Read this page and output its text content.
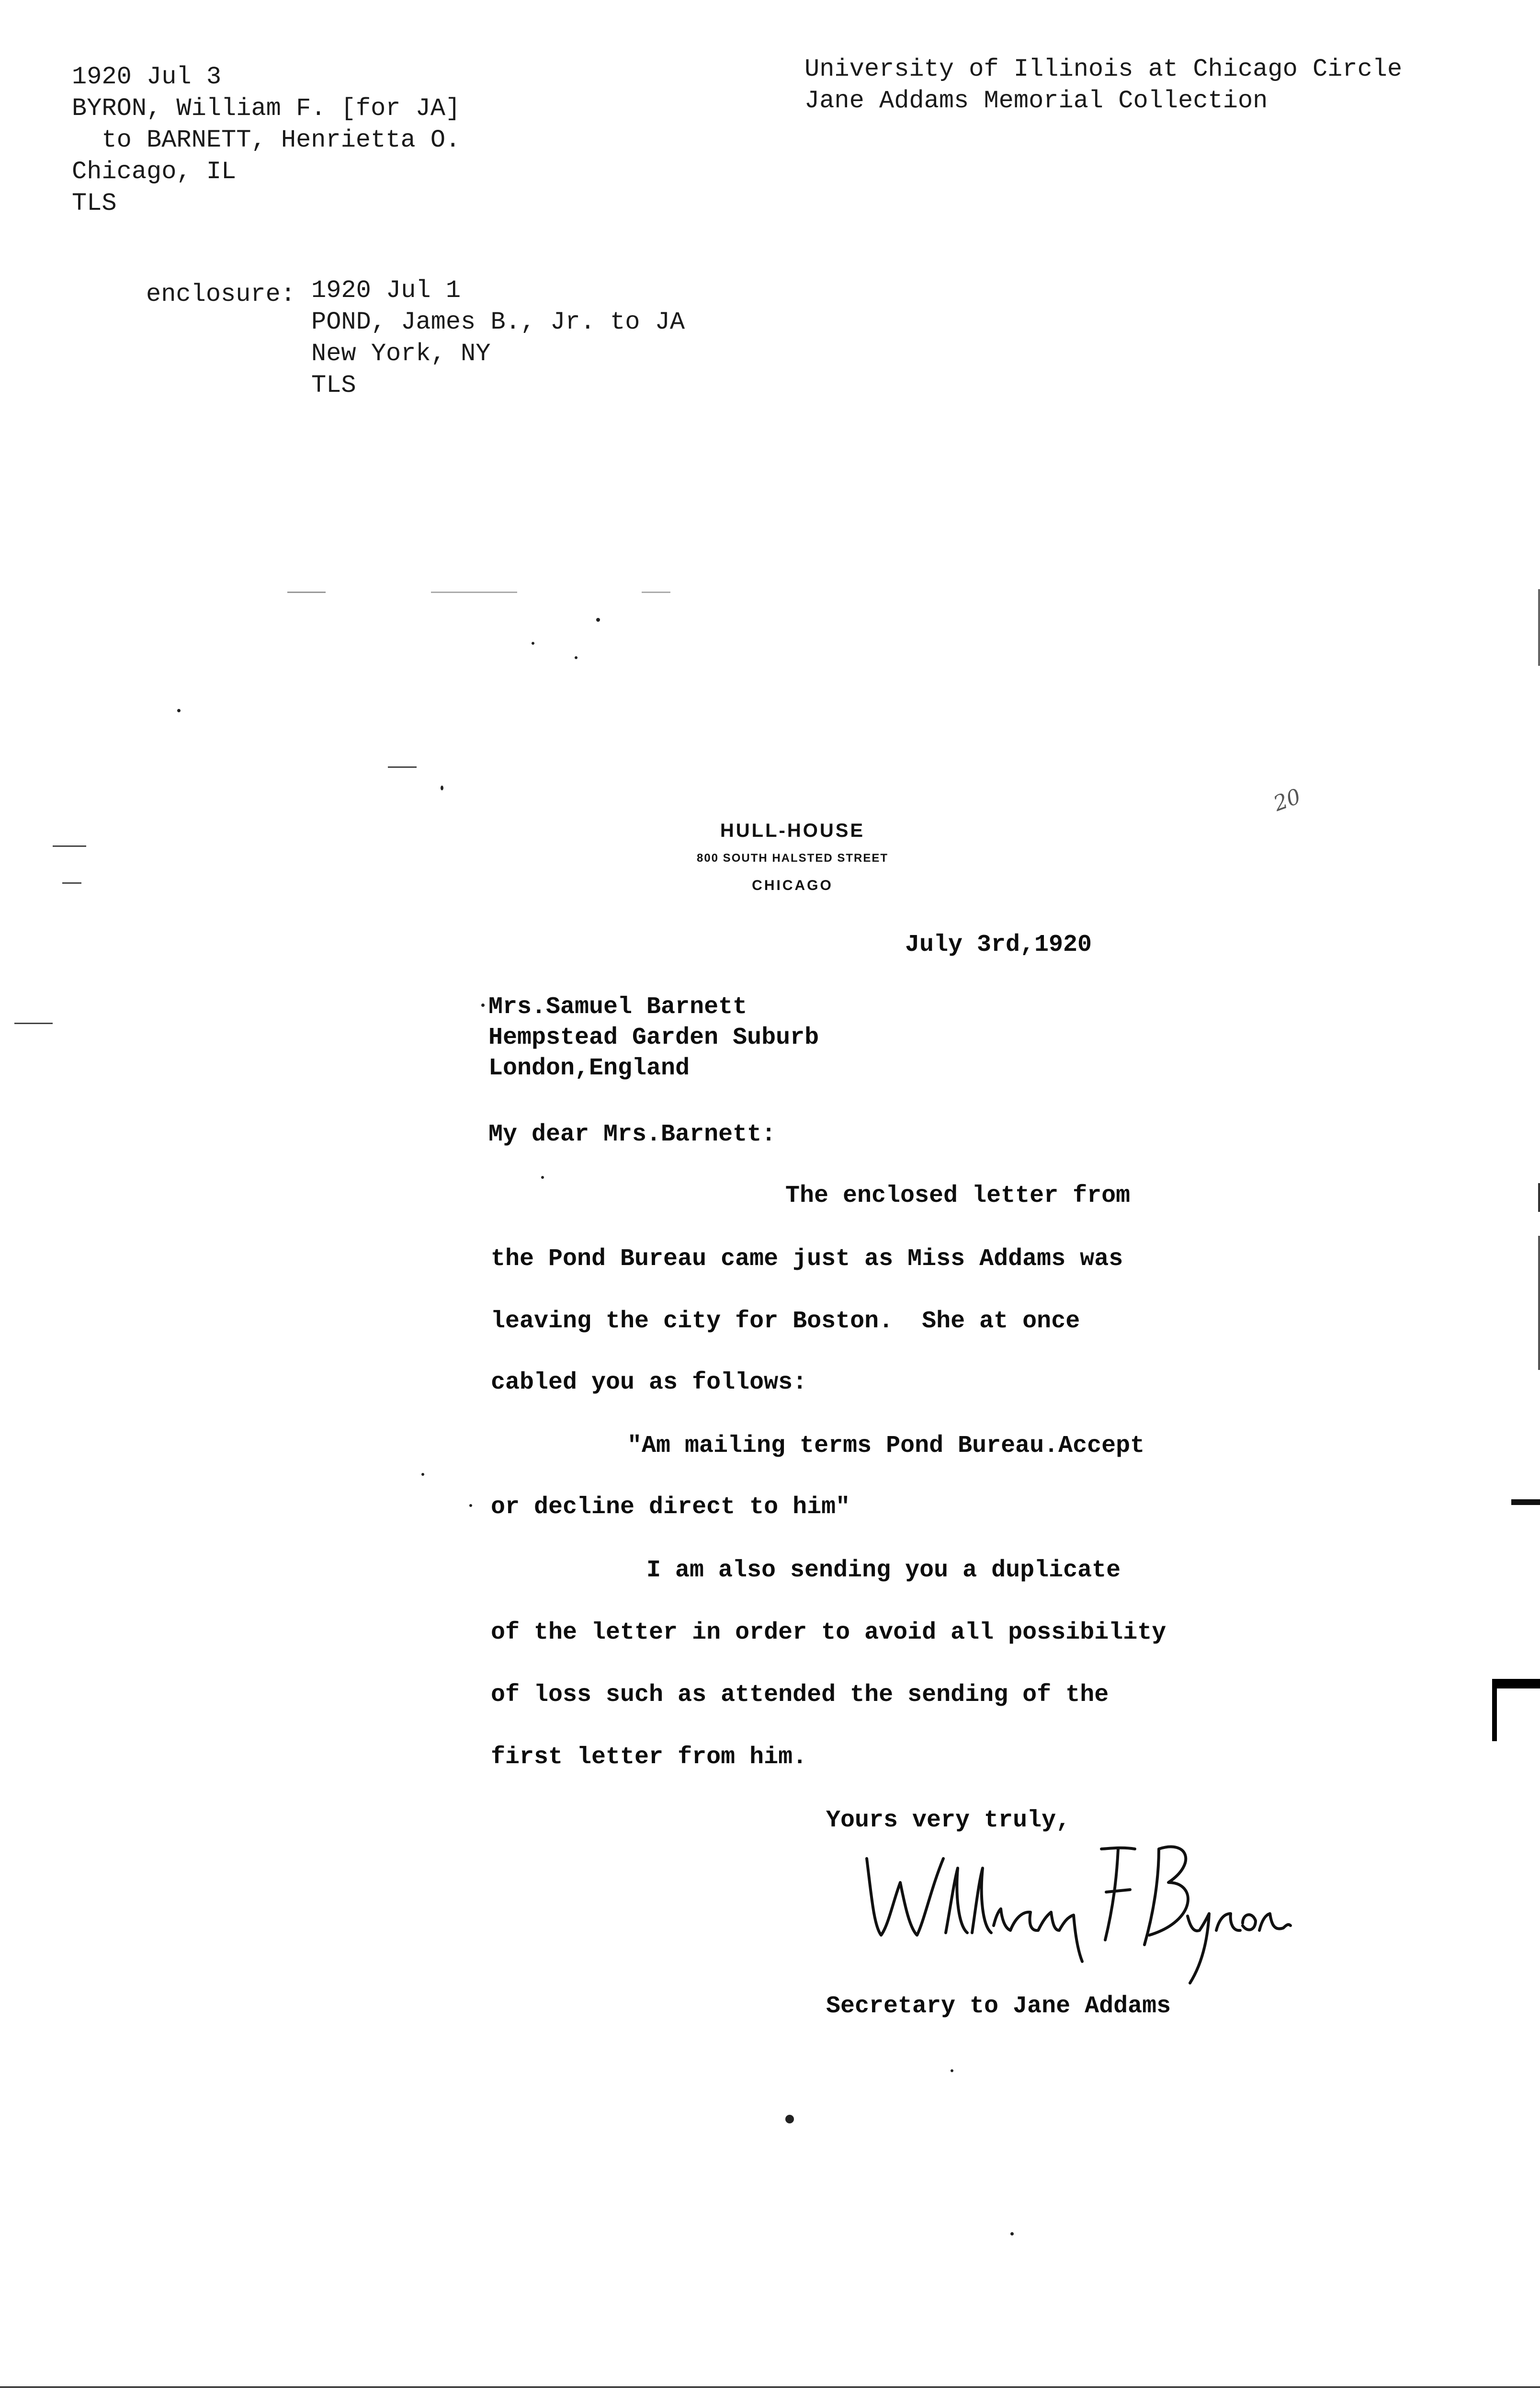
1920 Jul 3
BYRON, William F. [for JA]
to BARNETT, Henrietta O.
Chicago, IL
TLS
University of Illinois at Chicago Circle
Jane Addams Memorial Collection
enclosure: 1920 Jul 1
POND, James B., Jr. to JA
New York, NY
TLS
20
HULL-HOUSE
800 SOUTH HALSTED STREET
CHICAGO
July 3rd,1920
Mrs.Samuel Barnett
Hempstead Garden Suburb
London,England
My dear Mrs.Barnett:
The enclosed letter from
the Pond Bureau came just as Miss Addams was
leaving the city for Boston.  She at once
cabled you as follows:
"Am mailing terms Pond Bureau.Accept
or decline direct to him"
I am also sending you a duplicate
of the letter in order to avoid all possibility
of loss such as attended the sending of the
first letter from him.
Yours very truly,
Secretary to Jane Addams
